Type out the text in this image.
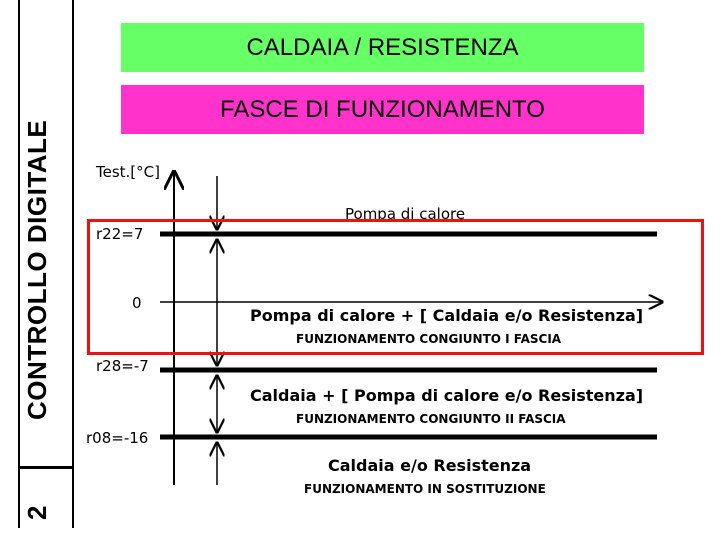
CONTROLLO DIGITALE
2
CALDAIA / RESISTENZA
FASCE DI FUNZIONAMENTO
Test.[°C]
r22=7
0
r28=-7
r08=-16
Pompa di calore
Pompa di calore + [ Caldaia e/o Resistenza]
FUNZIONAMENTO CONGIUNTO I FASCIA
Caldaia + [ Pompa di calore e/o Resistenza]
FUNZIONAMENTO CONGIUNTO II FASCIA
Caldaia e/o Resistenza
FUNZIONAMENTO IN SOSTITUZIONE
